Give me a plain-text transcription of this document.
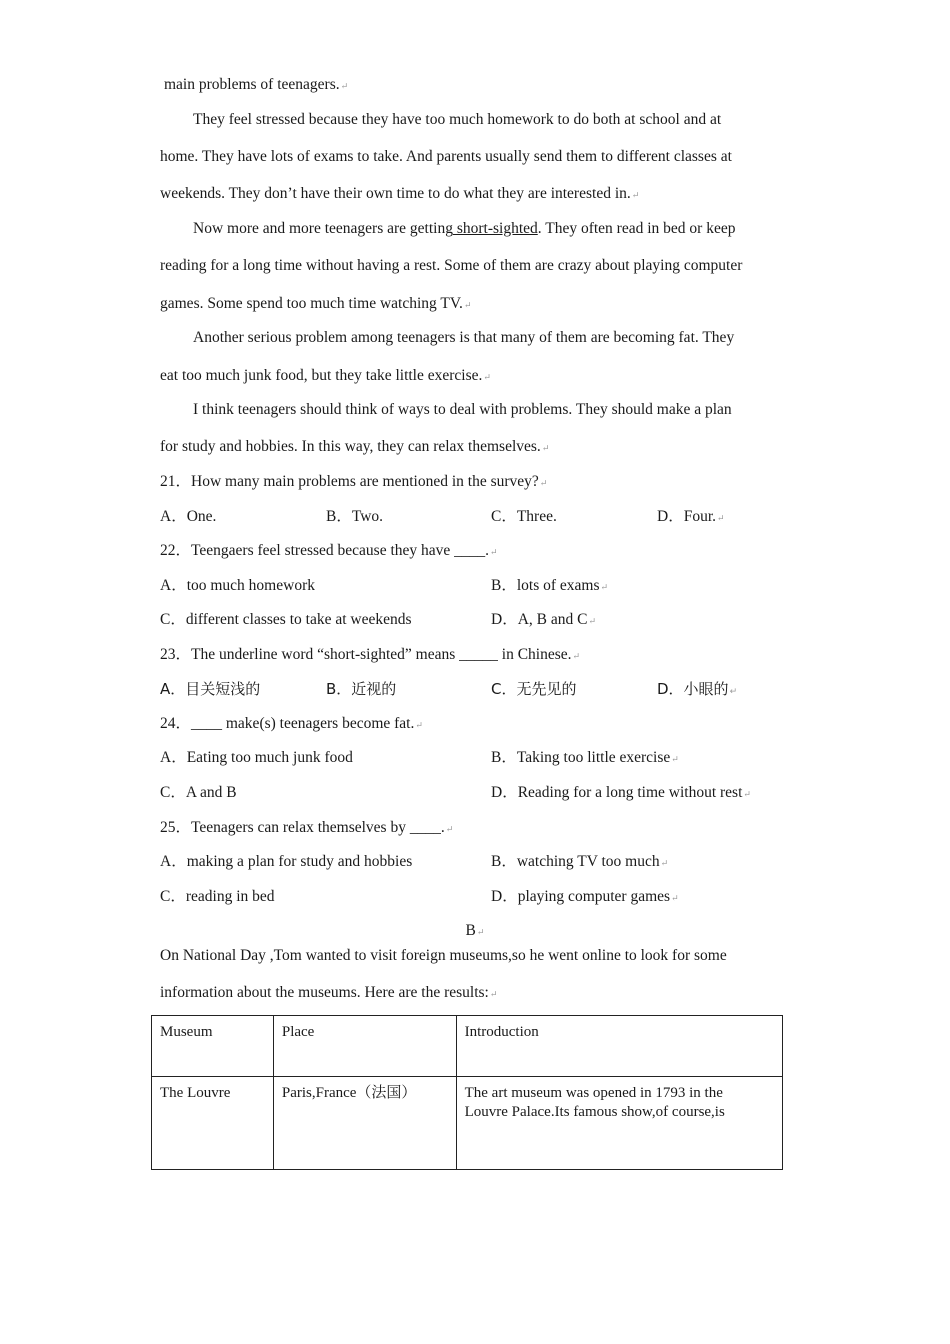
main problems of teenagers.↵
They feel stressed because they have too much homework to do both at school and at
home. They have lots of exams to take. And parents usually send them to different classes at
weekends. They don’t have their own time to do what they are interested in.↵
Now more and more teenagers are getting short-sighted. They often read in bed or keep
reading for a long time without having a rest. Some of them are crazy about playing computer
games. Some spend too much time watching TV.↵
Another serious problem among teenagers is that many of them are becoming fat. They
eat too much junk food, but they take little exercise.↵
I think teenagers should think of ways to deal with problems. They should make a plan
for study and hobbies. In this way, they can relax themselves.↵
21．How many main problems are mentioned in the survey?↵
A．One.	B．Two.	C．Three.	D．Four.↵
22．Teengaers feel stressed because they have ____.↵
A．too much homework	B．lots of exams↵
C．different classes to take at weekends	D．A, B and C↵
23．The underline word “short-sighted” means _____ in Chinese.↵
A．目关短浅的	B．近视的	C．无先见的	D．小眼的↵
24．____ make(s) teenagers become fat.↵
A．Eating too much junk food	B．Taking too little exercise↵
C．A and B	D．Reading for a long time without rest↵
25．Teenagers can relax themselves by ____.↵
A．making a plan for study and hobbies	B．watching TV too much↵
C．reading in bed	D．playing computer games↵
B↵
On National Day ,Tom wanted to visit foreign museums,so he went online to look for some
information about the museums. Here are the results:↵
Museum	Place	Introduction
The Louvre	Paris,France（法国）	The art museum was opened in 1793 in the
Louvre Palace.Its famous show,of course,is
